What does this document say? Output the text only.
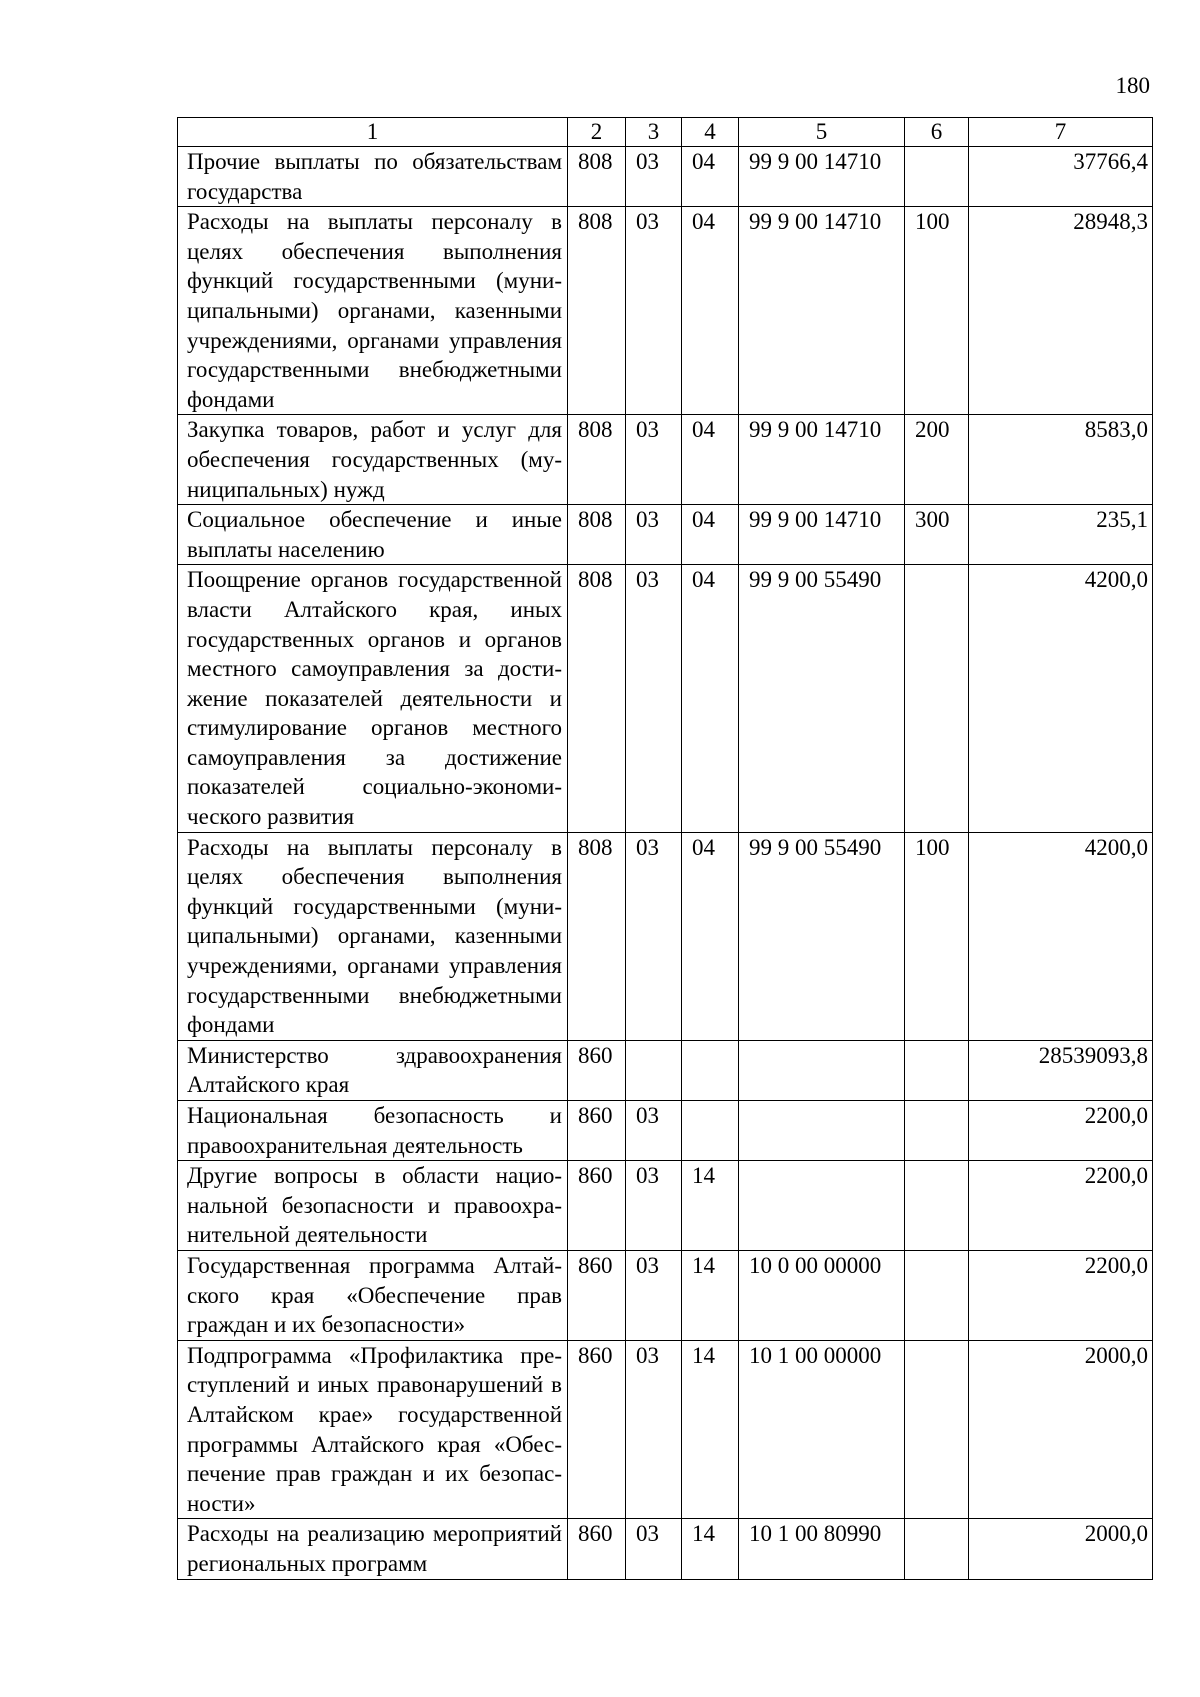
180
1	2	3	4	5	6	7
Прочие выплаты по обязательствам государства	808	03	04	99 9 00 14710		37766,4
Расходы на выплаты персоналу в целях обеспечения выполнения функций государственными (муниципальными) органами, казенными учреждениями, органами управления государственными внебюджетными фондами	808	03	04	99 9 00 14710	100	28948,3
Закупка товаров, работ и услуг для обеспечения государственных (муниципальных) нужд	808	03	04	99 9 00 14710	200	8583,0
Социальное обеспечение и иные выплаты населению	808	03	04	99 9 00 14710	300	235,1
Поощрение органов государственной власти Алтайского края, иных государственных органов и органов местного самоуправления за достижение показателей деятельности и стимулирование органов местного самоуправления за достижение показателей социально-экономического развития	808	03	04	99 9 00 55490		4200,0
Расходы на выплаты персоналу в целях обеспечения выполнения функций государственными (муниципальными) органами, казенными учреждениями, органами управления государственными внебюджетными фондами	808	03	04	99 9 00 55490	100	4200,0
Министерство здравоохранения Алтайского края	860					28539093,8
Национальная безопасность и правоохранительная деятельность	860	03				2200,0
Другие вопросы в области национальной безопасности и правоохранительной деятельности	860	03	14			2200,0
Государственная программа Алтайского края «Обеспечение прав граждан и их безопасности»	860	03	14	10 0 00 00000		2200,0
Подпрограмма «Профилактика преступлений и иных правонарушений в Алтайском крае» государственной программы Алтайского края «Обеспечение прав граждан и их безопасности»	860	03	14	10 1 00 00000		2000,0
Расходы на реализацию мероприятий региональных программ	860	03	14	10 1 00 80990		2000,0
